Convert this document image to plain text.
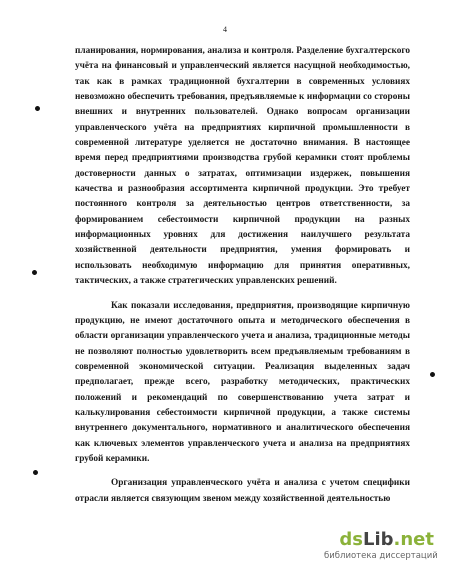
4

планирования, нормирования, анализа и контроля. Разделение бухгалтерского учёта на финансовый и управленческий является насущной необходимостью, так как в рамках традиционной бухгалтерии в современных условиях невозможно обеспечить требования, предъявляемые к информации со стороны внешних и внутренних пользователей. Однако вопросам организации управленческого учёта на предприятиях кирпичной промышленности в современной литературе уделяется не достаточно внимания. В настоящее время перед предприятиями производства грубой керамики стоят проблемы достоверности данных о затратах, оптимизации издержек, повышения качества и разнообразия ассортимента кирпичной продукции. Это требует постоянного контроля за деятельностью центров ответственности, за формированием себестоимости кирпичной продукции на разных информационных уровнях для достижения наилучшего результата хозяйственной деятельности предприятия, умения формировать и использовать необходимую информацию для принятия оперативных, тактических, а также стратегических управленских решений.

Как показали исследования, предприятия, производящие кирпичную продукцию, не имеют достаточного опыта и методического обеспечения в области организации управленческого учета и анализа, традиционные методы не позволяют полностью удовлетворить всем предъявляемым требованиям в современной экономической ситуации. Реализация выделенных задач предполагает, прежде всего, разработку методических, практических положений и рекомендаций по совершенствованию учета затрат и калькулирования себестоимости кирпичной продукции, а также системы внутреннего документального, нормативного и аналитического обеспечения как ключевых элементов управленческого учета и анализа на предприятиях грубой керамики.

Организация управленческого учёта и анализа с учетом специфики отрасли является связующим звеном между хозяйственной деятельностью

dsLib.net
библиотека диссертаций
